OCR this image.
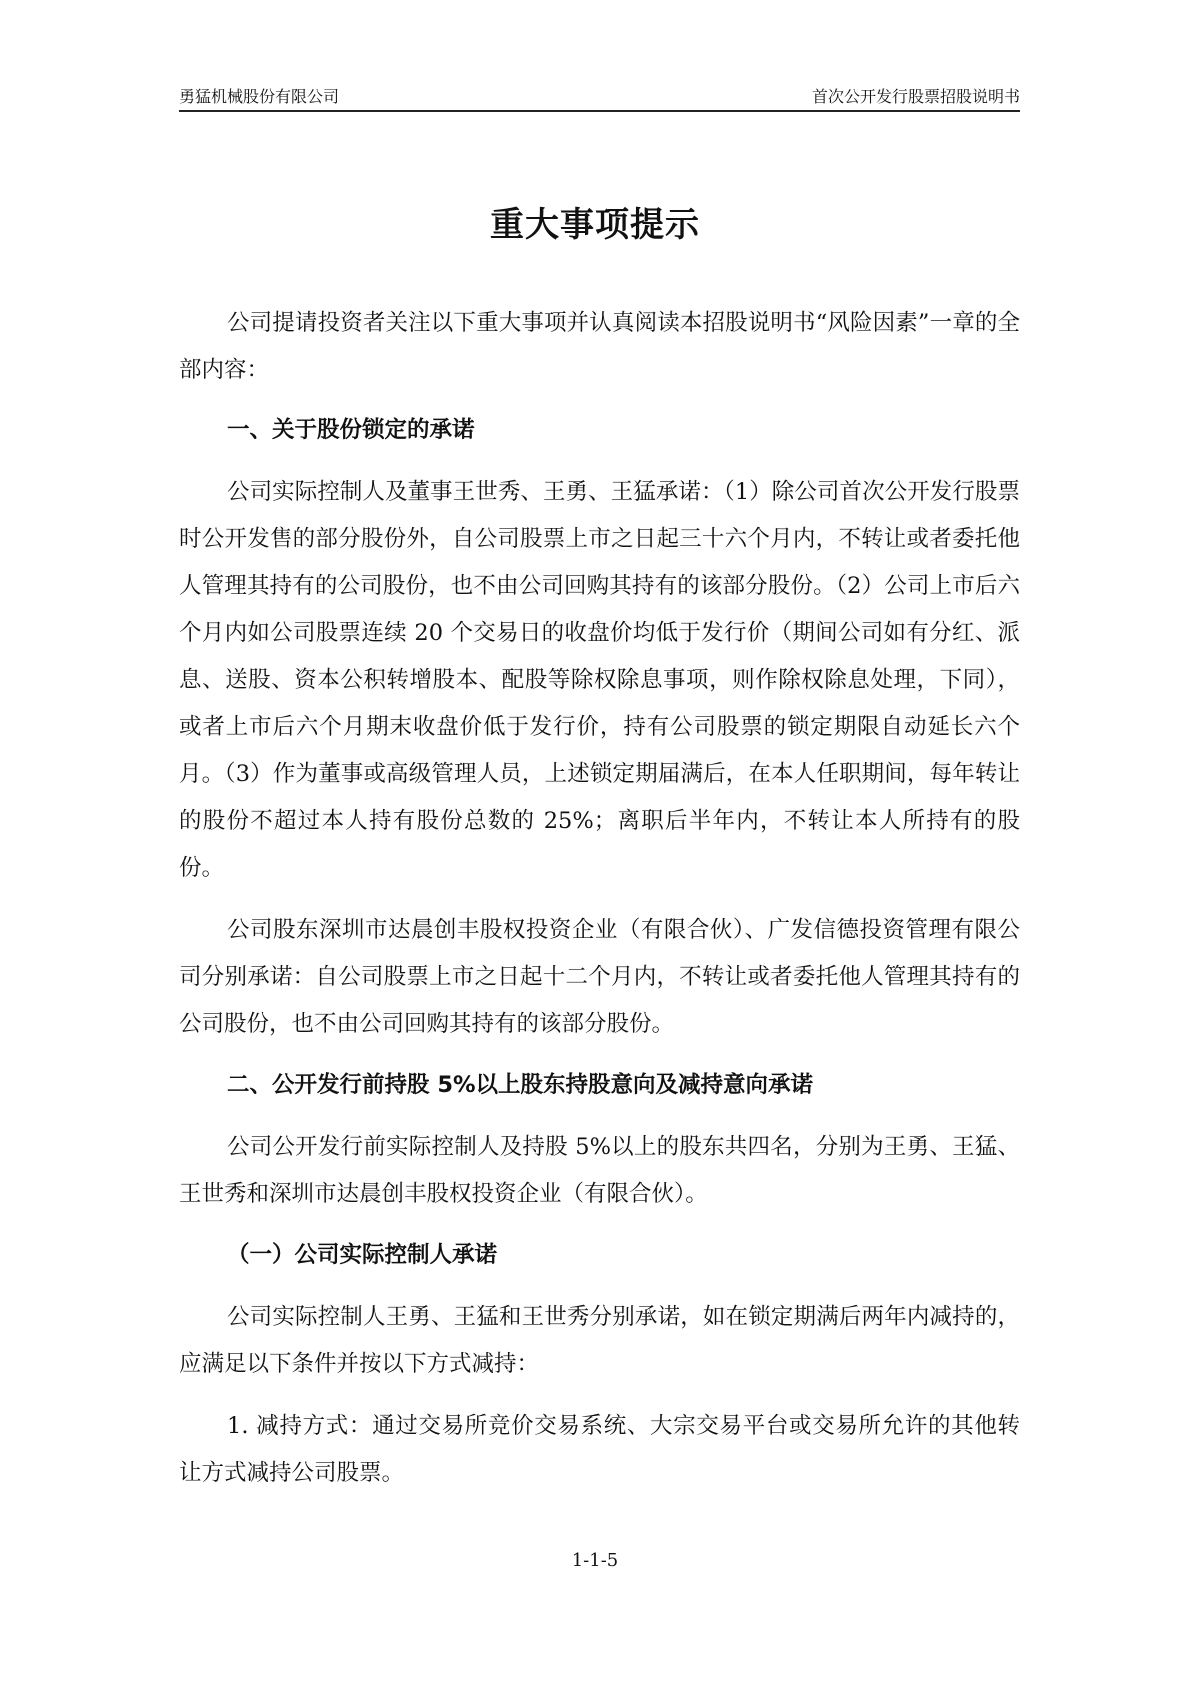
勇猛机械股份有限公司	首次公开发行股票招股说明书
重大事项提示

公司提请投资者关注以下重大事项并认真阅读本招股说明书“风险因素”一章的全部内容：

一、关于股份锁定的承诺

公司实际控制人及董事王世秀、王勇、王猛承诺：（1）除公司首次公开发行股票时公开发售的部分股份外，自公司股票上市之日起三十六个月内，不转让或者委托他人管理其持有的公司股份，也不由公司回购其持有的该部分股份。（2）公司上市后六个月内如公司股票连续 20 个交易日的收盘价均低于发行价（期间公司如有分红、派息、送股、资本公积转增股本、配股等除权除息事项，则作除权除息处理，下同），或者上市后六个月期末收盘价低于发行价，持有公司股票的锁定期限自动延长六个月。（3）作为董事或高级管理人员，上述锁定期届满后，在本人任职期间，每年转让的股份不超过本人持有股份总数的 25%；离职后半年内，不转让本人所持有的股份。

公司股东深圳市达晨创丰股权投资企业（有限合伙）、广发信德投资管理有限公司分别承诺：自公司股票上市之日起十二个月内，不转让或者委托他人管理其持有的公司股份，也不由公司回购其持有的该部分股份。

二、公开发行前持股 5%以上股东持股意向及减持意向承诺

公司公开发行前实际控制人及持股 5%以上的股东共四名，分别为王勇、王猛、王世秀和深圳市达晨创丰股权投资企业（有限合伙）。

（一）公司实际控制人承诺

公司实际控制人王勇、王猛和王世秀分别承诺，如在锁定期满后两年内减持的，应满足以下条件并按以下方式减持：

1. 减持方式：通过交易所竞价交易系统、大宗交易平台或交易所允许的其他转让方式减持公司股票。

1-1-5
